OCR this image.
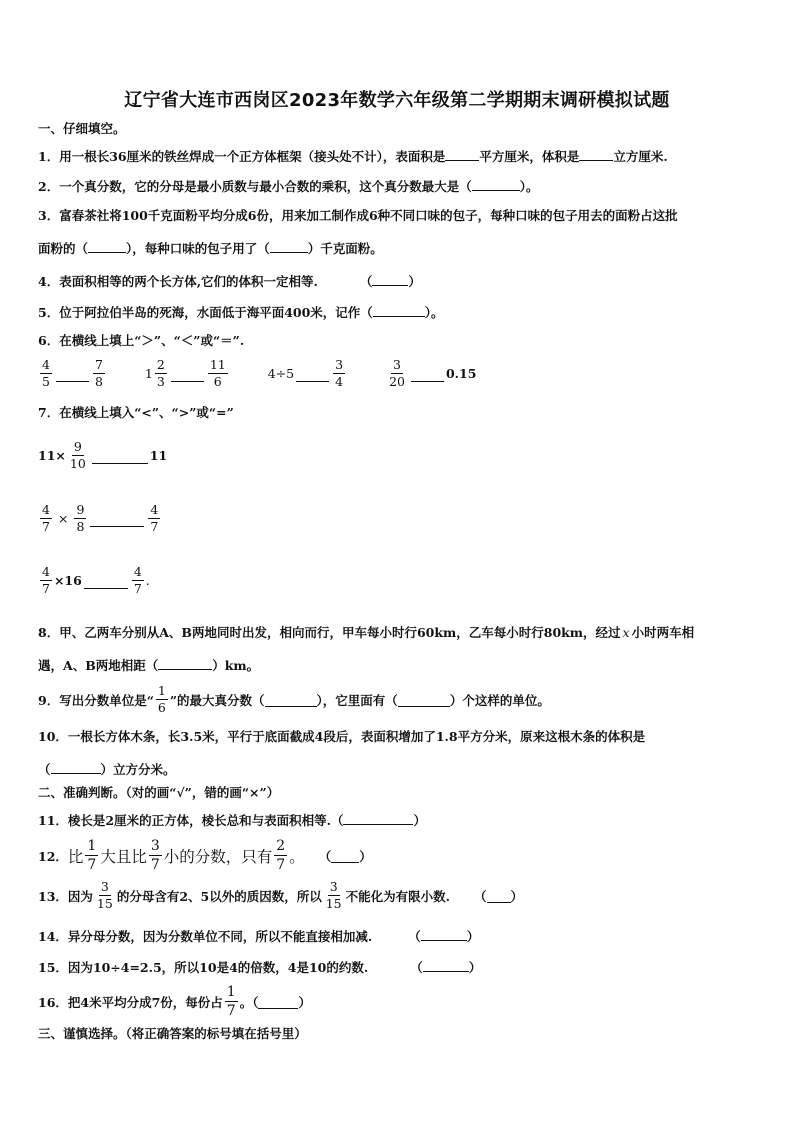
辽宁省大连市西岗区2023年数学六年级第二学期期末调研模拟试题
一、仔细填空。
1．用一根长36厘米的铁丝焊成一个正方体框架（接头处不计），表面积是	平方厘米，体积是	立方厘米.
2．一个真分数，它的分母是最小质数与最小合数的乘积，这个真分数最大是（	）。
3．富春茶社将100千克面粉平均分成6份，用来加工制作成6种不同口味的包子，每种口味的包子用去的面粉占这批
面粉的（	），每种口味的包子用了（	）千克面粉。
4．表面积相等的两个长方体,它们的体积一定相等.	（	）
5．位于阿拉伯半岛的死海，水面低于海平面400米，记作（	）。
6．在横线上填上“＞”、“＜”或“＝”.
4
5
7
8
1
2
3
11
6
4÷5
3
4
3
20
0.15
7．在横线上填入“<”、“>”或“=”
$11\times \frac{9}{10}$	11
$\frac{4}{7} \times \frac{9}{8}$	4
7
$\frac{4}{7} \times 16$
4
7
.
8．甲、乙两车分别从A、B两地同时出发，相向而行，甲车每小时行60km，乙车每小时行80km，经过 x 小时两车相
遇，A、B两地相距（	）km。
9．写出分数单位是“
1
6 ”的最大真分数（	），它里面有（	）个这样的单位。
10．一根长方体木条，长3.5米，平行于底面截成4段后，表面积增加了1.8平方分米，原来这根木条的体积是
（	）立方分米。
二、准确判断。（对的画“√”，错的画“×”）
11．棱长是2厘米的正方体，棱长总和与表面积相等.（	）
12． 比
1
7 大且比
3
7 小的分数，只有
2
7 。 （ ）
13．因为
3
15 的分母含有2、5以外的质因数，所以
3
15 不能化为有限小数. （ ）
14．异分母分数，因为分数单位不同，所以不能直接相加减.	（	）
15．因为10÷4=2.5，所以10是4的倍数，4是10的约数.	（	）
16．把4米平均分成7份，每份占
1
7
。（	）
三、谨慎选择。（将正确答案的标号填在括号里）
